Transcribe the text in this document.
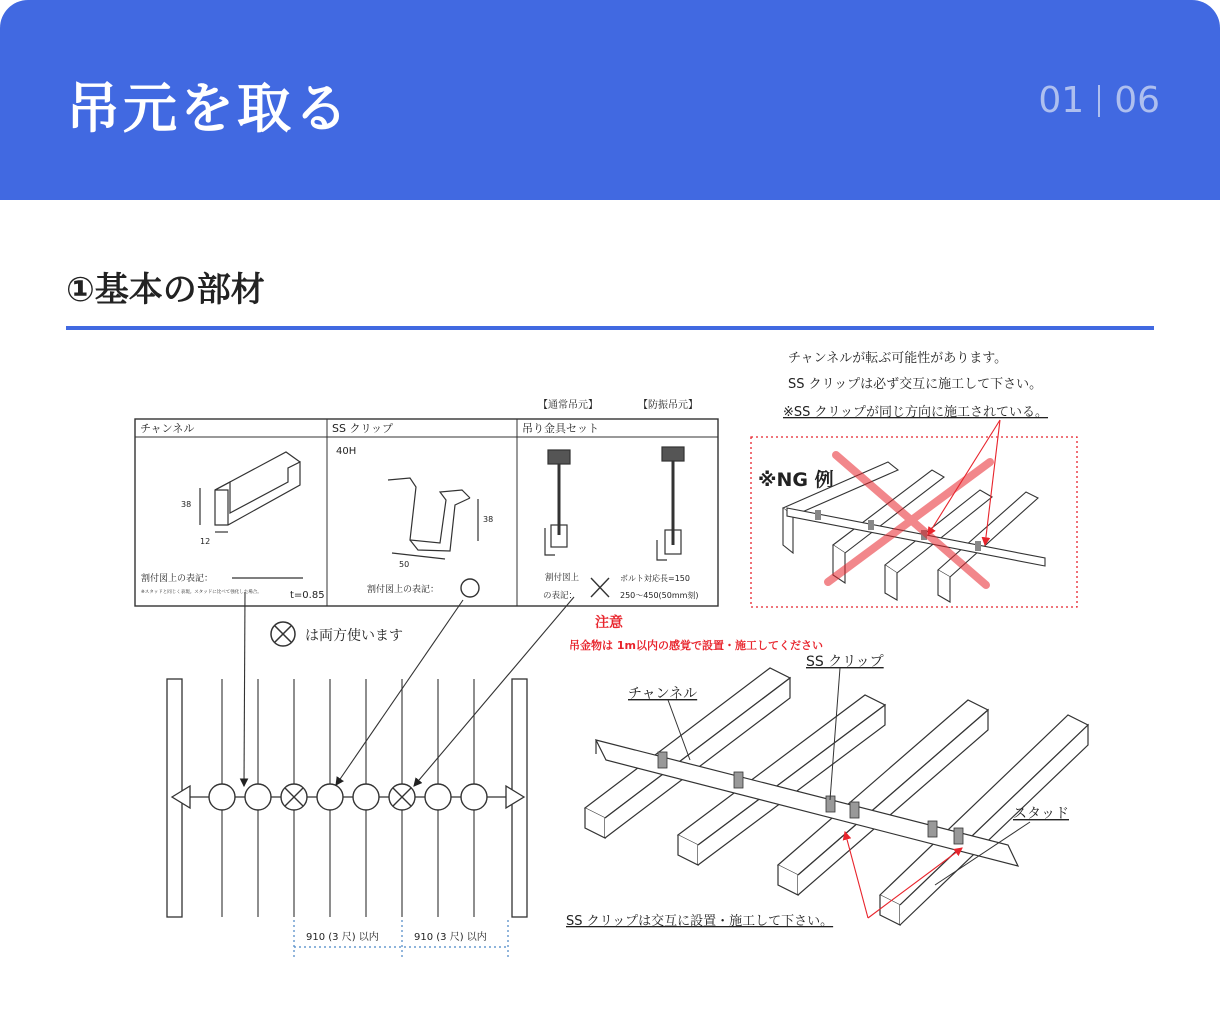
吊元を取る	01 06
①基本の部材
【通常吊元】	【防振吊元】
チャンネル	SS クリップ	吊り金具セット
38
12
割付図上の表記：
※スタッドと同じく表現。スタッドに比べて強化した場合。	t=0.85
40H
50
38
割付図上の表記：
割付図上
の表記：
ボルト対応長=150
250～450(50mm刻)
は両方使います
910 (3 尺) 以内	910 (3 尺) 以内
チャンネルが転ぶ可能性があります。
SS クリップは必ず交互に施工して下さい。
※SS クリップが同じ方向に施工されている。
※NG 例
注意
吊金物は 1m以内の感覚で設置・施工してください
チャンネル
SS クリップ
スタッド
SS クリップは交互に設置・施工して下さい。
